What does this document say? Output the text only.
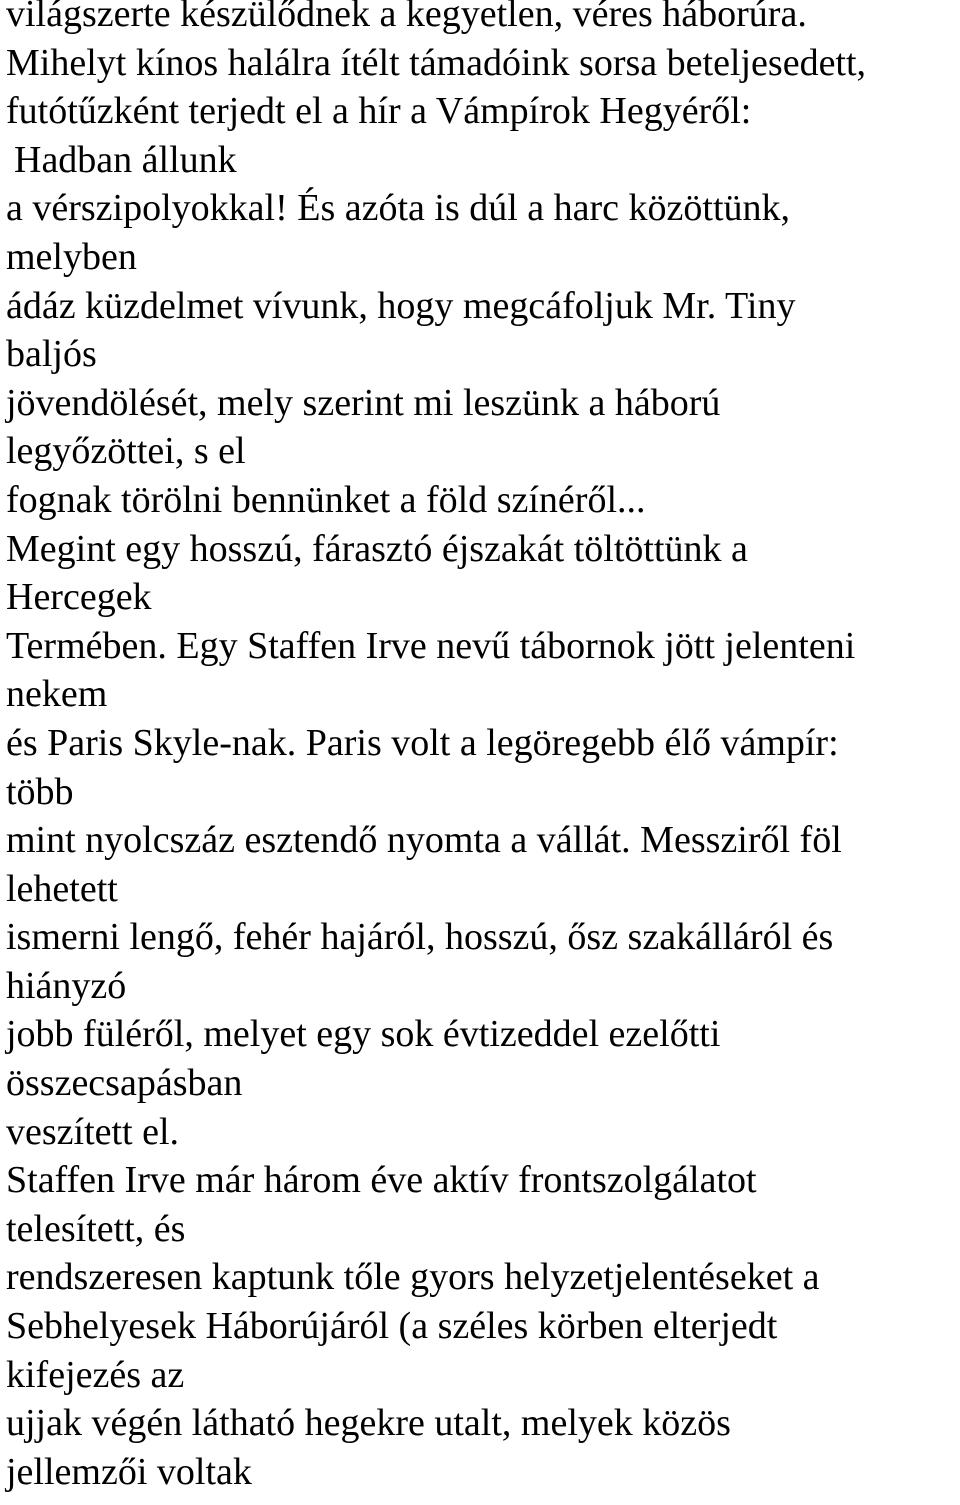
világszerte készülődnek a kegyetlen, véres háborúra.
Mihelyt kínos halálra ítélt támadóink sorsa beteljesedett,
futótűzként terjedt el a hír a Vámpírok Hegyéről:
Hadban állunk
a vérszipolyokkal! És azóta is dúl a harc közöttünk,
melyben
ádáz küzdelmet vívunk, hogy megcáfoljuk Mr. Tiny
baljós
jövendölését, mely szerint mi leszünk a háború
legyőzöttei, s el
fognak törölni bennünket a föld színéről...
Megint egy hosszú, fárasztó éjszakát töltöttünk a
Hercegek
Termében. Egy Staffen Irve nevű tábornok jött jelenteni
nekem
és Paris Skyle-nak. Paris volt a legöregebb élő vámpír:
több
mint nyolcszáz esztendő nyomta a vállát. Messziről föl
lehetett
ismerni lengő, fehér hajáról, hosszú, ősz szakálláról és
hiányzó
jobb füléről, melyet egy sok évtizeddel ezelőtti
összecsapásban
veszített el.
Staffen Irve már három éve aktív frontszolgálatot
telesített, és
rendszeresen kaptunk tőle gyors helyzetjelentéseket a
Sebhelyesek Háborújáról (a széles körben elterjedt
kifejezés az
ujjak végén látható hegekre utalt, melyek közös
jellemzői voltak
